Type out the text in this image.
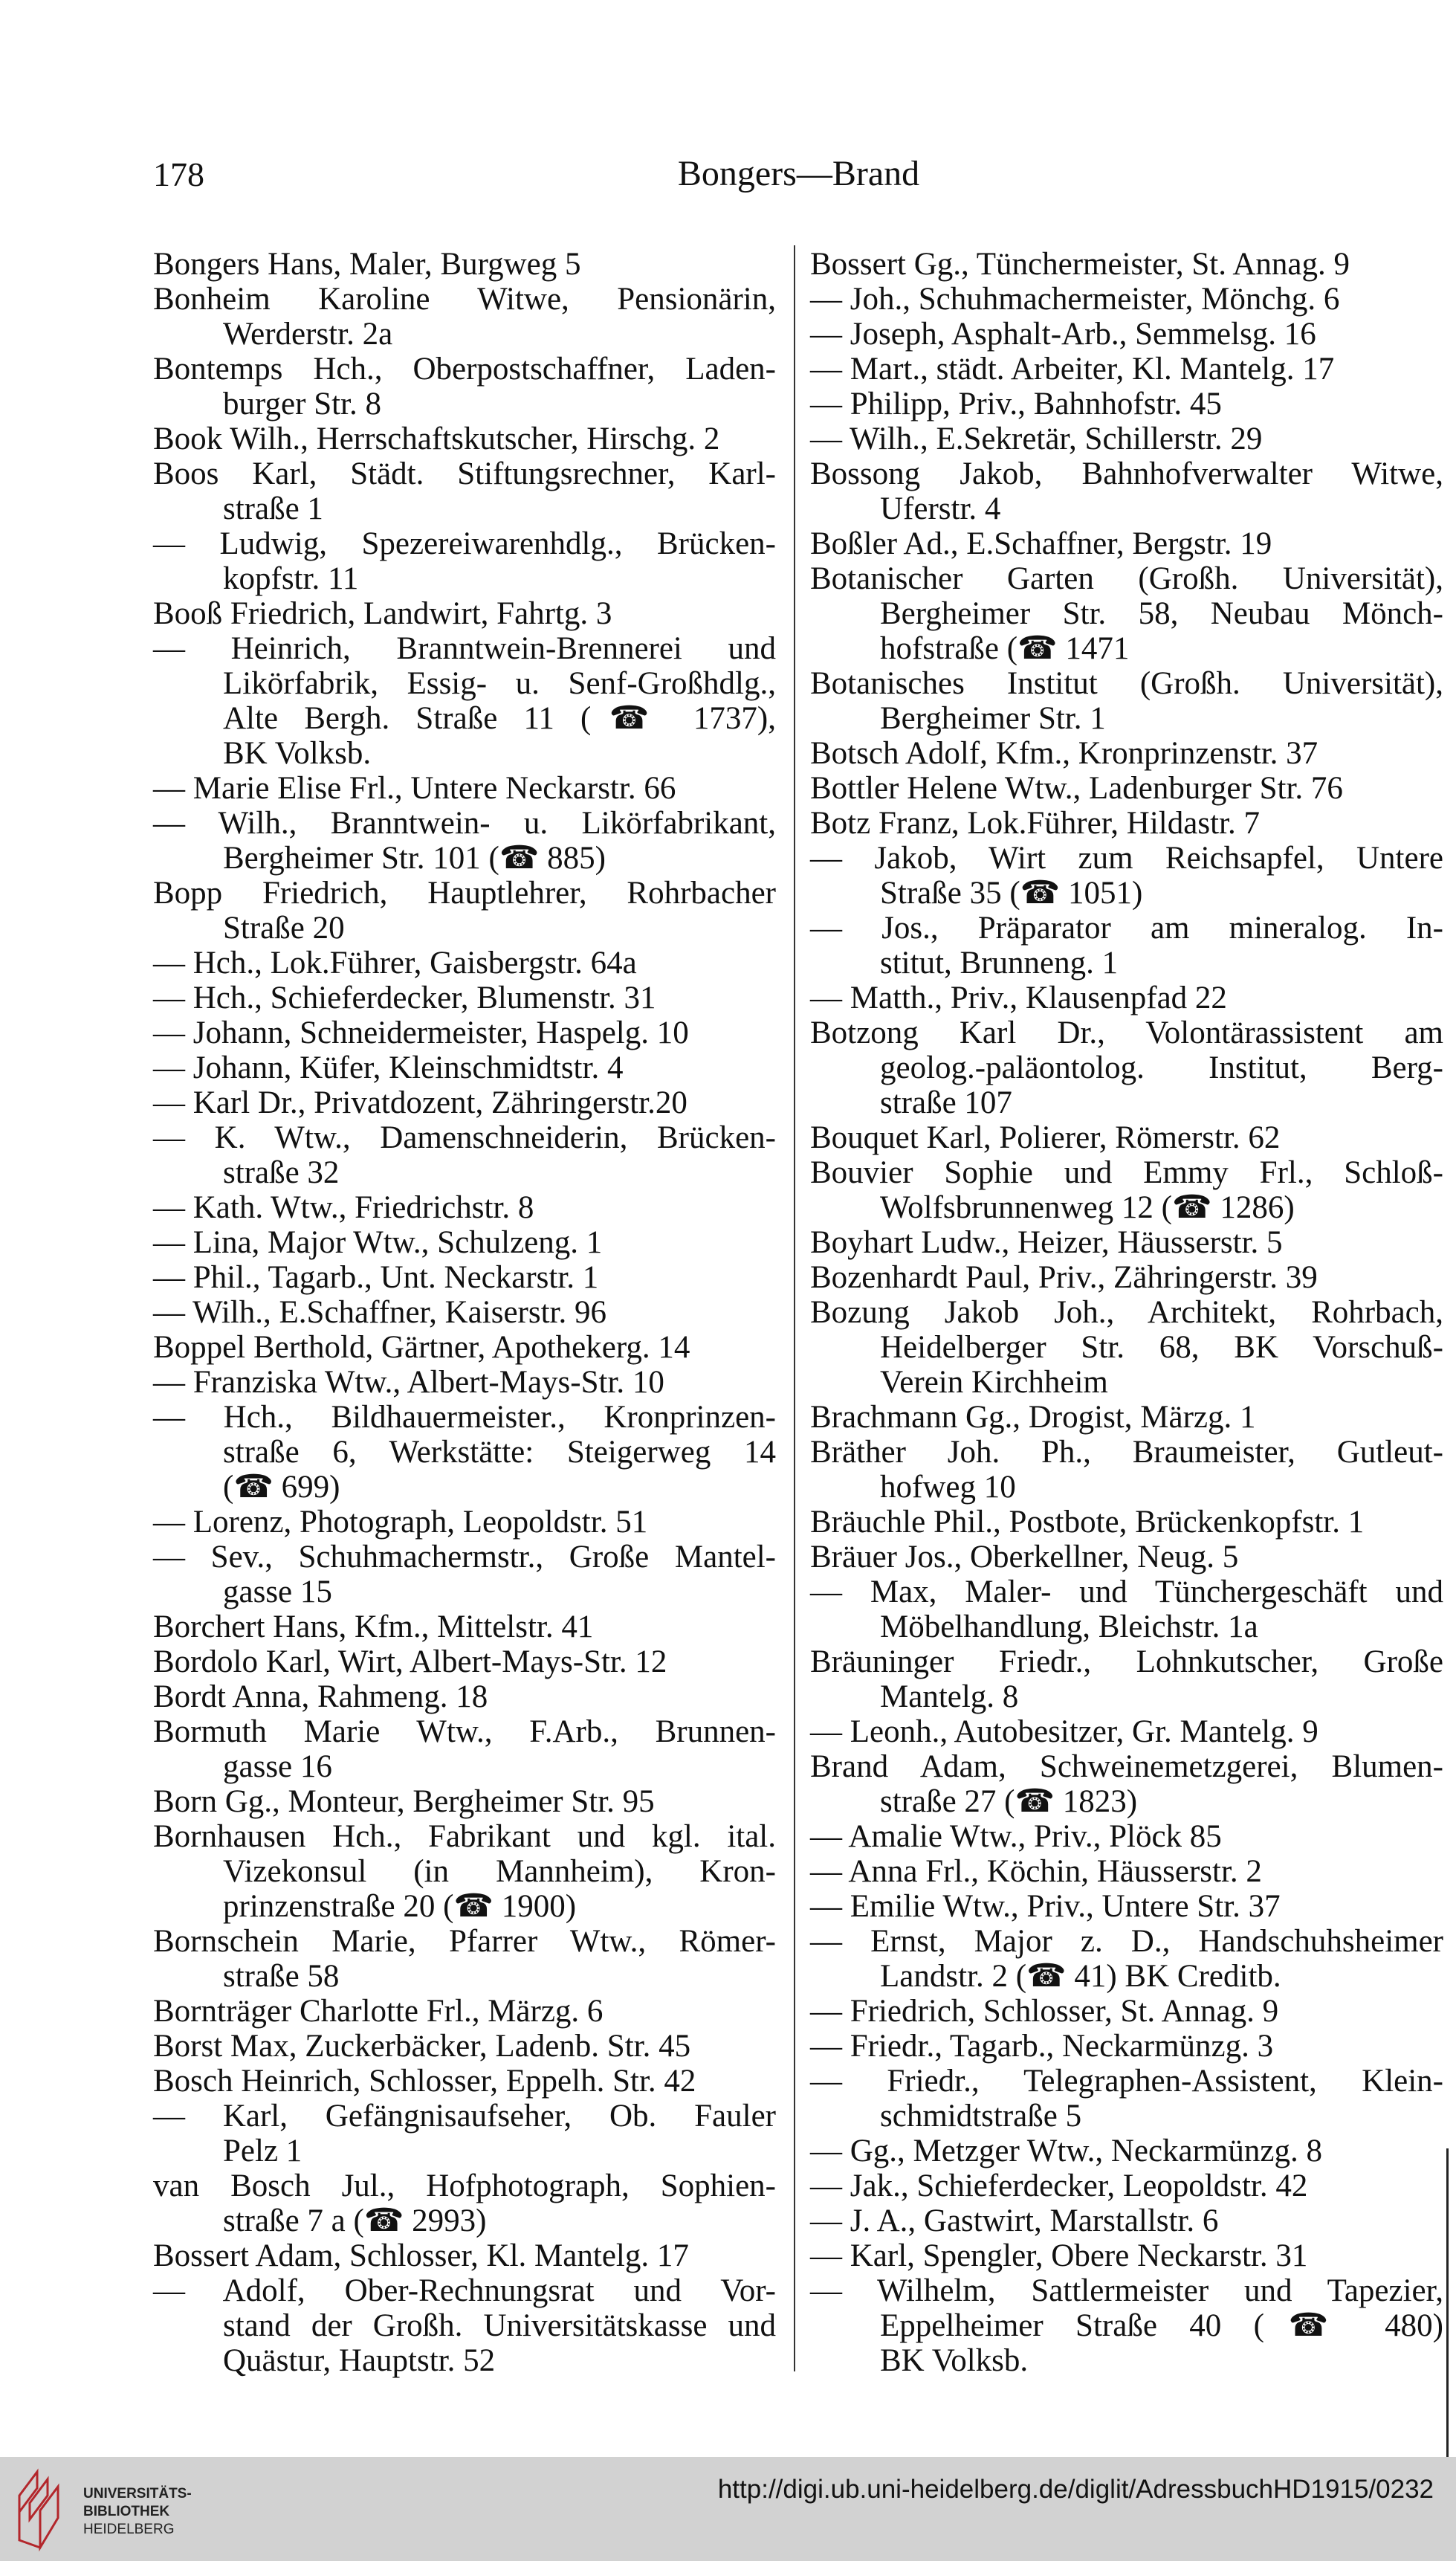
178	Bongers—Brand
Bongers Hans, Maler, Burgweg 5
Bonheim Karoline Witwe, Pensionärin,
Werderstr. 2a
Bontemps Hch., Oberpostschaffner, Laden-
burger Str. 8
Book Wilh., Herrschaftskutscher, Hirschg. 2
Boos Karl, Städt. Stiftungsrechner, Karl-
straße 1
— Ludwig, Spezereiwarenhdlg., Brücken-
kopfstr. 11
Booß Friedrich, Landwirt, Fahrtg. 3
— Heinrich, Branntwein-Brennerei und
Likörfabrik, Essig- u. Senf-Großhdlg.,
Alte Bergh. Straße 11 (☎ 1737),
BK Volksb.
— Marie Elise Frl., Untere Neckarstr. 66
— Wilh., Branntwein- u. Likörfabrikant,
Bergheimer Str. 101 (☎ 885)
Bopp Friedrich, Hauptlehrer, Rohrbacher
Straße 20
— Hch., Lok.Führer, Gaisbergstr. 64a
— Hch., Schieferdecker, Blumenstr. 31
— Johann, Schneidermeister, Haspelg. 10
— Johann, Küfer, Kleinschmidtstr. 4
— Karl Dr., Privatdozent, Zähringerstr.20
— K. Wtw., Damenschneiderin, Brücken-
straße 32
— Kath. Wtw., Friedrichstr. 8
— Lina, Major Wtw., Schulzeng. 1
— Phil., Tagarb., Unt. Neckarstr. 1
— Wilh., E.Schaffner, Kaiserstr. 96
Boppel Berthold, Gärtner, Apothekerg. 14
— Franziska Wtw., Albert-Mays-Str. 10
— Hch., Bildhauermeister., Kronprinzen-
straße 6, Werkstätte: Steigerweg 14
(☎ 699)
— Lorenz, Photograph, Leopoldstr. 51
— Sev., Schuhmachermstr., Große Mantel-
gasse 15
Borchert Hans, Kfm., Mittelstr. 41
Bordolo Karl, Wirt, Albert-Mays-Str. 12
Bordt Anna, Rahmeng. 18
Bormuth Marie Wtw., F.Arb., Brunnen-
gasse 16
Born Gg., Monteur, Bergheimer Str. 95
Bornhausen Hch., Fabrikant und kgl. ital.
Vizekonsul (in Mannheim), Kron-
prinzenstraße 20 (☎ 1900)
Bornschein Marie, Pfarrer Wtw., Römer-
straße 58
Bornträger Charlotte Frl., Märzg. 6
Borst Max, Zuckerbäcker, Ladenb. Str. 45
Bosch Heinrich, Schlosser, Eppelh. Str. 42
— Karl, Gefängnisaufseher, Ob. Fauler
Pelz 1
van Bosch Jul., Hofphotograph, Sophien-
straße 7 a (☎ 2993)
Bossert Adam, Schlosser, Kl. Mantelg. 17
— Adolf, Ober-Rechnungsrat und Vor-
stand der Großh. Universitätskasse und
Quästur, Hauptstr. 52
Bossert Gg., Tünchermeister, St. Annag. 9
— Joh., Schuhmachermeister, Mönchg. 6
— Joseph, Asphalt-Arb., Semmelsg. 16
— Mart., städt. Arbeiter, Kl. Mantelg. 17
— Philipp, Priv., Bahnhofstr. 45
— Wilh., E.Sekretär, Schillerstr. 29
Bossong Jakob, Bahnhofverwalter Witwe,
Uferstr. 4
Boßler Ad., E.Schaffner, Bergstr. 19
Botanischer Garten (Großh. Universität),
Bergheimer Str. 58, Neubau Mönch-
hofstraße (☎ 1471
Botanisches Institut (Großh. Universität),
Bergheimer Str. 1
Botsch Adolf, Kfm., Kronprinzenstr. 37
Bottler Helene Wtw., Ladenburger Str. 76
Botz Franz, Lok.Führer, Hildastr. 7
— Jakob, Wirt zum Reichsapfel, Untere
Straße 35 (☎ 1051)
— Jos., Präparator am mineralog. In-
stitut, Brunneng. 1
— Matth., Priv., Klausenpfad 22
Botzong Karl Dr., Volontärassistent am
geolog.-paläontolog. Institut, Berg-
straße 107
Bouquet Karl, Polierer, Römerstr. 62
Bouvier Sophie und Emmy Frl., Schloß-
Wolfsbrunnenweg 12 (☎ 1286)
Boyhart Ludw., Heizer, Häusserstr. 5
Bozenhardt Paul, Priv., Zähringerstr. 39
Bozung Jakob Joh., Architekt, Rohrbach,
Heidelberger Str. 68, BK Vorschuß-
Verein Kirchheim
Brachmann Gg., Drogist, Märzg. 1
Bräther Joh. Ph., Braumeister, Gutleut-
hofweg 10
Bräuchle Phil., Postbote, Brückenkopfstr. 1
Bräuer Jos., Oberkellner, Neug. 5
— Max, Maler- und Tünchergeschäft und
Möbelhandlung, Bleichstr. 1a
Bräuninger Friedr., Lohnkutscher, Große
Mantelg. 8
— Leonh., Autobesitzer, Gr. Mantelg. 9
Brand Adam, Schweinemetzgerei, Blumen-
straße 27 (☎ 1823)
— Amalie Wtw., Priv., Plöck 85
— Anna Frl., Köchin, Häusserstr. 2
— Emilie Wtw., Priv., Untere Str. 37
— Ernst, Major z. D., Handschuhsheimer
Landstr. 2 (☎ 41) BK Creditb.
— Friedrich, Schlosser, St. Annag. 9
— Friedr., Tagarb., Neckarmünzg. 3
— Friedr., Telegraphen-Assistent, Klein-
schmidtstraße 5
— Gg., Metzger Wtw., Neckarmünzg. 8
— Jak., Schieferdecker, Leopoldstr. 42
— J. A., Gastwirt, Marstallstr. 6
— Karl, Spengler, Obere Neckarstr. 31
— Wilhelm, Sattlermeister und Tapezier,
Eppelheimer Straße 40 (☎ 480)
BK Volksb.
UNIVERSITÄTS-
BIBLIOTHEK
HEIDELBERG
http://digi.ub.uni-heidelberg.de/diglit/AdressbuchHD1915/0232
